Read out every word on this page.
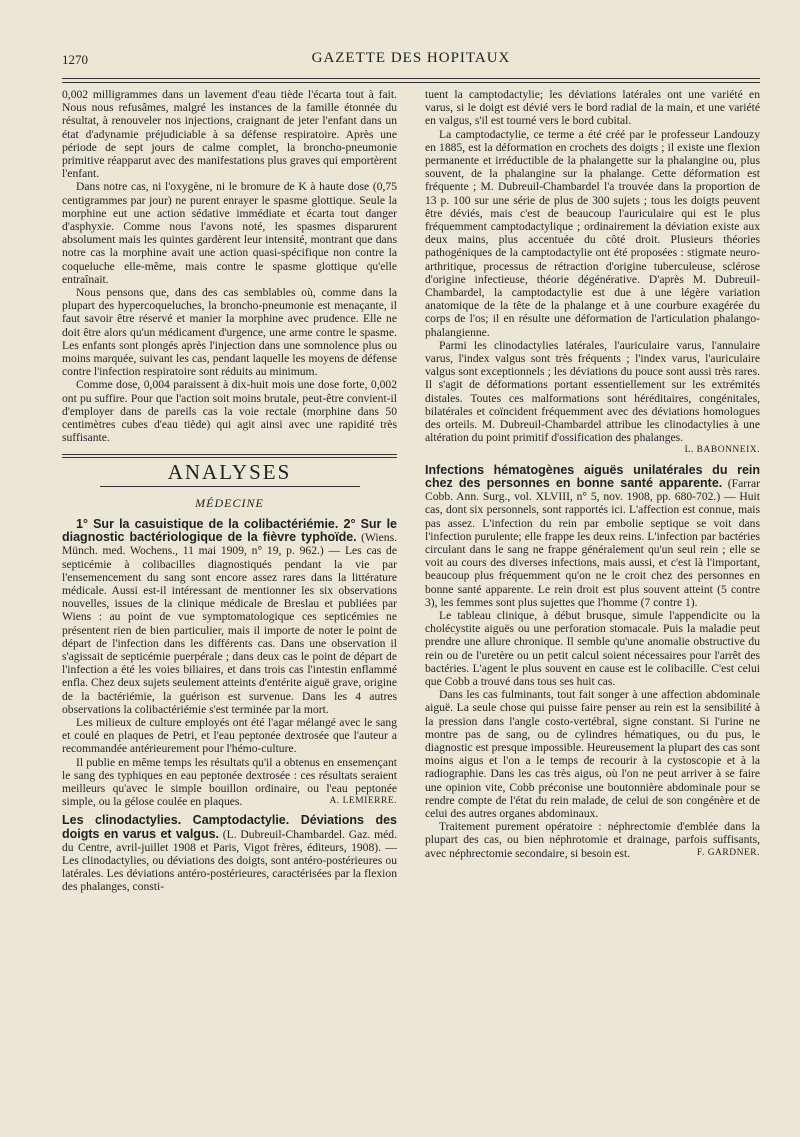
1270	GAZETTE DES HOPITAUX

0,002 milligrammes dans un lavement d'eau tiède l'écarta tout à fait. Nous nous refusâmes, malgré les instances de la famille étonnée du résultat, à renouveler nos injections, craignant de jeter l'enfant dans un état d'adynamie préjudiciable à sa défense respiratoire. Après une période de sept jours de calme complet, la broncho-pneumonie primitive réapparut avec des manifestations plus graves qui emportèrent l'enfant.

Dans notre cas, ni l'oxygène, ni le bromure de K à haute dose (0,75 centigrammes par jour) ne purent enrayer le spasme glottique. Seule la morphine eut une action sédative immédiate et écarta tout danger d'asphyxie. Comme nous l'avons noté, les spasmes disparurent absolument mais les quintes gardèrent leur intensité, montrant que dans notre cas la morphine avait une action quasi-spécifique non contre la coqueluche elle-même, mais contre le spasme glottique qu'elle entraînait.

Nous pensons que, dans des cas semblables où, comme dans la plupart des hypercoqueluches, la broncho-pneumonie est menaçante, il faut savoir être réservé et manier la morphine avec prudence. Elle ne doit être alors qu'un médicament d'urgence, une arme contre le spasme. Les enfants sont plongés après l'injection dans une somnolence plus ou moins marquée, suivant les cas, pendant laquelle les moyens de défense contre l'infection respiratoire sont réduits au minimum.

Comme dose, 0,004 paraissent à dix-huit mois une dose forte, 0,002 ont pu suffire. Pour que l'action soit moins brutale, peut-être convient-il d'employer dans de pareils cas la voie rectale (morphine dans 50 centimètres cubes d'eau tiède) qui agit ainsi avec une rapidité très suffisante.

ANALYSES
MÉDECINE

1° Sur la casuistique de la colibactériémie. 2° Sur le diagnostic bactériologique de la fièvre typhoïde. (Wiens. Münch. med. Wochens., 11 mai 1909, n° 19, p. 962.) — Les cas de septicémie à colibacilles diagnostiqués pendant la vie par l'ensemencement du sang sont encore assez rares dans la littérature médicale. Aussi est-il intéressant de mentionner les six observations nouvelles, issues de la clinique médicale de Breslau et publiées par Wiens : au point de vue symptomatologique ces septicémies ne présentent rien de bien particulier, mais il importe de noter le point de départ de l'infection dans les différents cas. Dans une observation il s'agissait de septicémie puerpérale ; dans deux cas le point de départ de l'infection a été les voies biliaires, et dans trois cas l'intestin enflammé enfla. Chez deux sujets seulement atteints d'entérite aiguë grave, origine de la bactériémie, la guérison est survenue. Dans les 4 autres observations la colibactériémie s'est terminée par la mort.

Les milieux de culture employés ont été l'agar mélangé avec le sang et coulé en plaques de Petri, et l'eau peptonée dextrosée que l'auteur a recommandée antérieurement pour l'hémo-culture.

Il publie en même temps les résultats qu'il a obtenus en ensemençant le sang des typhiques en eau peptonée dextrosée : ces résultats seraient meilleurs qu'avec le simple bouillon ordinaire, ou l'eau peptonée simple, ou la gélose coulée en plaques.	A. LEMIERRE.

Les clinodactylies. Camptodactylie. Déviations des doigts en varus et valgus. (L. Dubreuil-Chambardel. Gaz. méd. du Centre, avril-juillet 1908 et Paris, Vigot frères, éditeurs, 1908). — Les clinodactylies, ou déviations des doigts, sont antéro-postérieures ou latérales. Les déviations antéro-postérieures, caractérisées par la flexion des phalanges, consti-

tuent la camptodactylie; les déviations latérales ont une variété en varus, si le doigt est dévié vers le bord radial de la main, et une variété en valgus, s'il est tourné vers le bord cubital.

La camptodactylie, ce terme a été créé par le professeur Landouzy en 1885, est la déformation en crochets des doigts ; il existe une flexion permanente et irréductible de la phalangette sur la phalangine ou, plus souvent, de la phalangine sur la phalange. Cette déformation est fréquente ; M. Dubreuil-Chambardel l'a trouvée dans la proportion de 13 p. 100 sur une série de plus de 300 sujets ; tous les doigts peuvent être déviés, mais c'est de beaucoup l'auriculaire qui est le plus fréquemment camptodactylique ; ordinairement la déviation existe aux deux mains, plus accentuée du côté droit. Plusieurs théories pathogéniques de la camptodactylie ont été proposées : stigmate neuro-arthritique, processus de rétraction d'origine tuberculeuse, sclérose d'origine infectieuse, théorie dégénérative. D'après M. Dubreuil-Chambardel, la camptodactylie est due à une légère variation anatomique de la tête de la phalange et à une courbure exagérée du corps de l'os; il en résulte une déformation de l'articulation phalango-phalangienne.

Parmi les clinodactylies latérales, l'auriculaire varus, l'annulaire varus, l'index valgus sont très fréquents ; l'index varus, l'auriculaire valgus sont exceptionnels ; les déviations du pouce sont aussi très rares. Il s'agit de déformations portant essentiellement sur les extrémités distales. Toutes ces malformations sont héréditaires, congénitales, bilatérales et coïncident fréquemment avec des déviations homologues des orteils. M. Dubreuil-Chambardel attribue les clinodactylies à une altération du point primitif d'ossification des phalanges.

L. BABONNEIX.

Infections hématogènes aiguës unilatérales du rein chez des personnes en bonne santé apparente. (Farrar Cobb. Ann. Surg., vol. XLVIII, n° 5, nov. 1908, pp. 680-702.) — Huit cas, dont six personnels, sont rapportés ici. L'affection est connue, mais pas assez. L'infection du rein par embolie septique se voit dans l'infection purulente; elle frappe les deux reins. L'infection par bactéries circulant dans le sang ne frappe généralement qu'un seul rein ; elle se voit au cours des diverses infections, mais aussi, et c'est là l'important, beaucoup plus fréquemment qu'on ne le croit chez des personnes en bonne santé apparente. Le rein droit est plus souvent atteint (5 contre 3), les femmes sont plus sujettes que l'homme (7 contre 1).

Le tableau clinique, à début brusque, simule l'appendicite ou la cholécystite aiguës ou une perforation stomacale. Puis la maladie peut prendre une allure chronique. Il semble qu'une anomalie obstructive du rein ou de l'uretère ou un petit calcul soient nécessaires pour l'arrêt des bactéries. L'agent le plus souvent en cause est le colibacille. C'est celui que Cobb a trouvé dans tous ses huit cas.

Dans les cas fulminants, tout fait songer à une affection abdominale aiguë. La seule chose qui puisse faire penser au rein est la sensibilité à la pression dans l'angle costo-vertébral, signe constant. Si l'urine ne montre pas de sang, ou de cylindres hématiques, ou du pus, le diagnostic est presque impossible. Heureusement la plupart des cas sont moins aigus et l'on a le temps de recourir à la cystoscopie et à la radiographie. Dans les cas très aigus, où l'on ne peut arriver à se faire une opinion vite, Cobb préconise une boutonnière abdominale pour se rendre compte de l'état du rein malade, de celui de son congénère et de celui des autres organes abdominaux.

Traitement purement opératoire : néphrectomie d'emblée dans la plupart des cas, ou bien néphrotomie et drainage, parfois suffisants, avec néphrectomie secondaire, si besoin est.	F. GARDNER.
